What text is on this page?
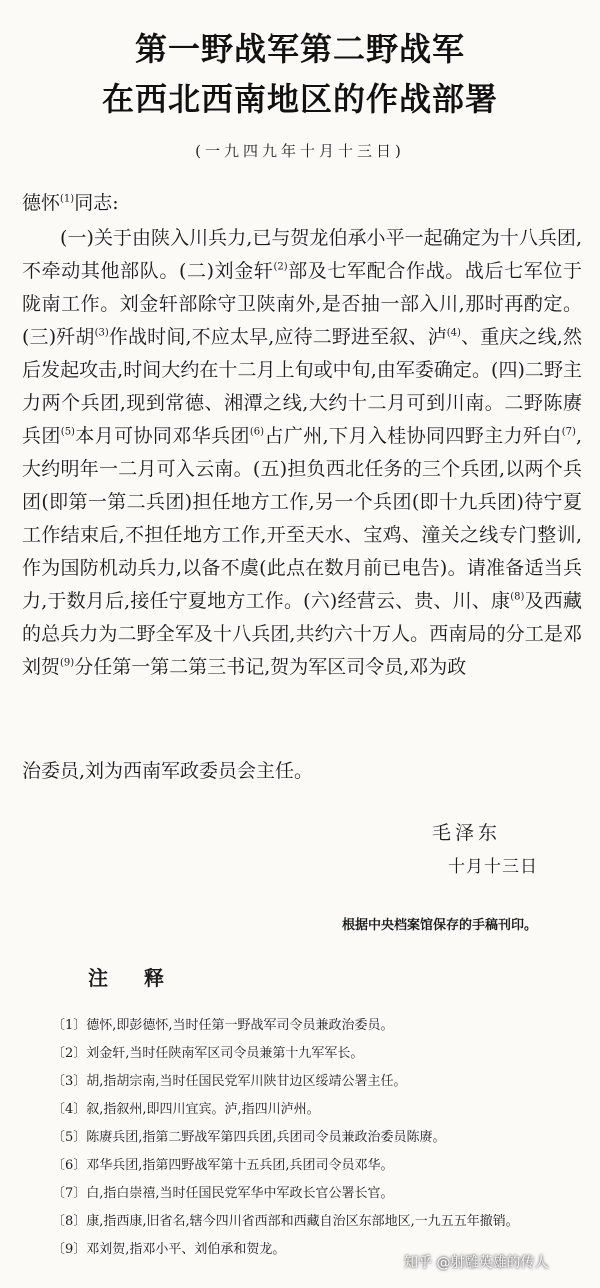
第一野战军第二野战军
在西北西南地区的作战部署
(一九四九年十月十三日)
德怀$^{(1)}$同志:

(一)关于由陕入川兵力,已与贺龙伯承小平一起确定为十八兵团,不牵动其他部队。(二)刘金轩$^{(2)}$部及七军配合作战。战后七军位于陇南工作。刘金轩部除守卫陕南外,是否抽一部入川,那时再酌定。(三)歼胡$^{(3)}$作战时间,不应太早,应待二野进至叙、泸$^{(4)}$、重庆之线,然后发起攻击,时间大约在十二月上旬或中旬,由军委确定。(四)二野主力两个兵团,现到常德、湘潭之线,大约十二月可到川南。二野陈赓兵团$^{(5)}$本月可协同邓华兵团$^{(6)}$占广州,下月入桂协同四野主力歼白$^{(7)}$,大约明年一二月可入云南。(五)担负西北任务的三个兵团,以两个兵团(即第一第二兵团)担任地方工作,另一个兵团(即十九兵团)待宁夏工作结束后,不担任地方工作,开至天水、宝鸡、潼关之线专门整训,作为国防机动兵力,以备不虞(此点在数月前已电告)。请准备适当兵力,于数月后,接任宁夏地方工作。(六)经营云、贵、川、康$^{(8)}$及西藏的总兵力为二野全军及十八兵团,共约六十万人。西南局的分工是邓刘贺$^{(9)}$分任第一第二第三书记,贺为军区司令员,邓为政

治委员,刘为西南军政委员会主任。
毛泽东
十月十三日
根据中央档案馆保存的手稿刊印。
注释
〔1〕德怀,即彭德怀,当时任第一野战军司令员兼政治委员。
〔2〕刘金轩,当时任陕南军区司令员兼第十九军军长。
〔3〕胡,指胡宗南,当时任国民党军川陕甘边区绥靖公署主任。
〔4〕叙,指叙州,即四川宜宾。泸,指四川泸州。
〔5〕陈赓兵团,指第二野战军第四兵团,兵团司令员兼政治委员陈赓。
〔6〕邓华兵团,指第四野战军第十五兵团,兵团司令员邓华。
〔7〕白,指白崇禧,当时任国民党军华中军政长官公署长官。
〔8〕康,指西康,旧省名,辖今四川省西部和西藏自治区东部地区,一九五五年撤销。
〔9〕邓刘贺,指邓小平、刘伯承和贺龙。
知乎 @射雕英雄的传人
